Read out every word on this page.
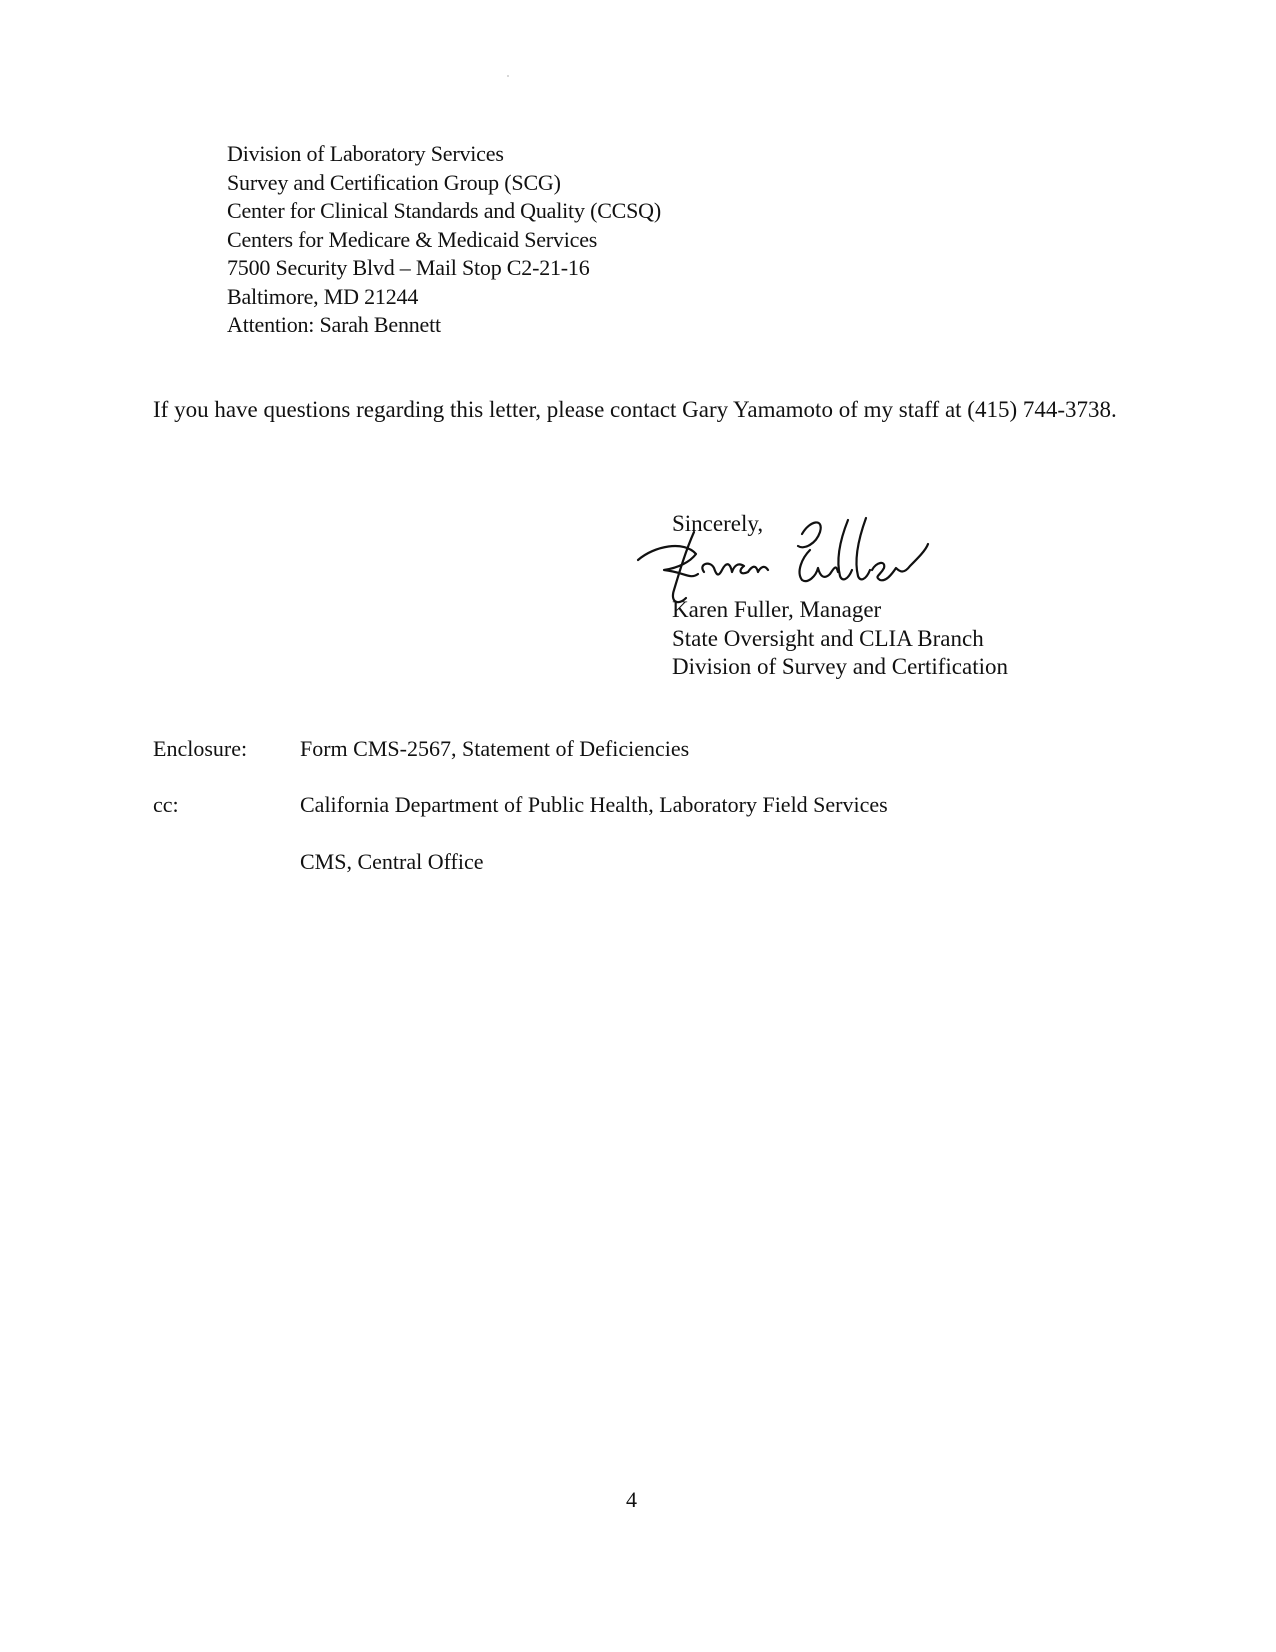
Division of Laboratory Services
Survey and Certification Group (SCG)
Center for Clinical Standards and Quality (CCSQ)
Centers for Medicare & Medicaid Services
7500 Security Blvd – Mail Stop C2-21-16
Baltimore, MD 21244
Attention: Sarah Bennett
If you have questions regarding this letter, please contact Gary Yamamoto of my staff at (415) 744-3738.
Sincerely,
Karen Fuller, Manager
State Oversight and CLIA Branch
Division of Survey and Certification
Enclosure: Form CMS-2567, Statement of Deficiencies
cc:	California Department of Public Health, Laboratory Field Services
CMS, Central Office
4
